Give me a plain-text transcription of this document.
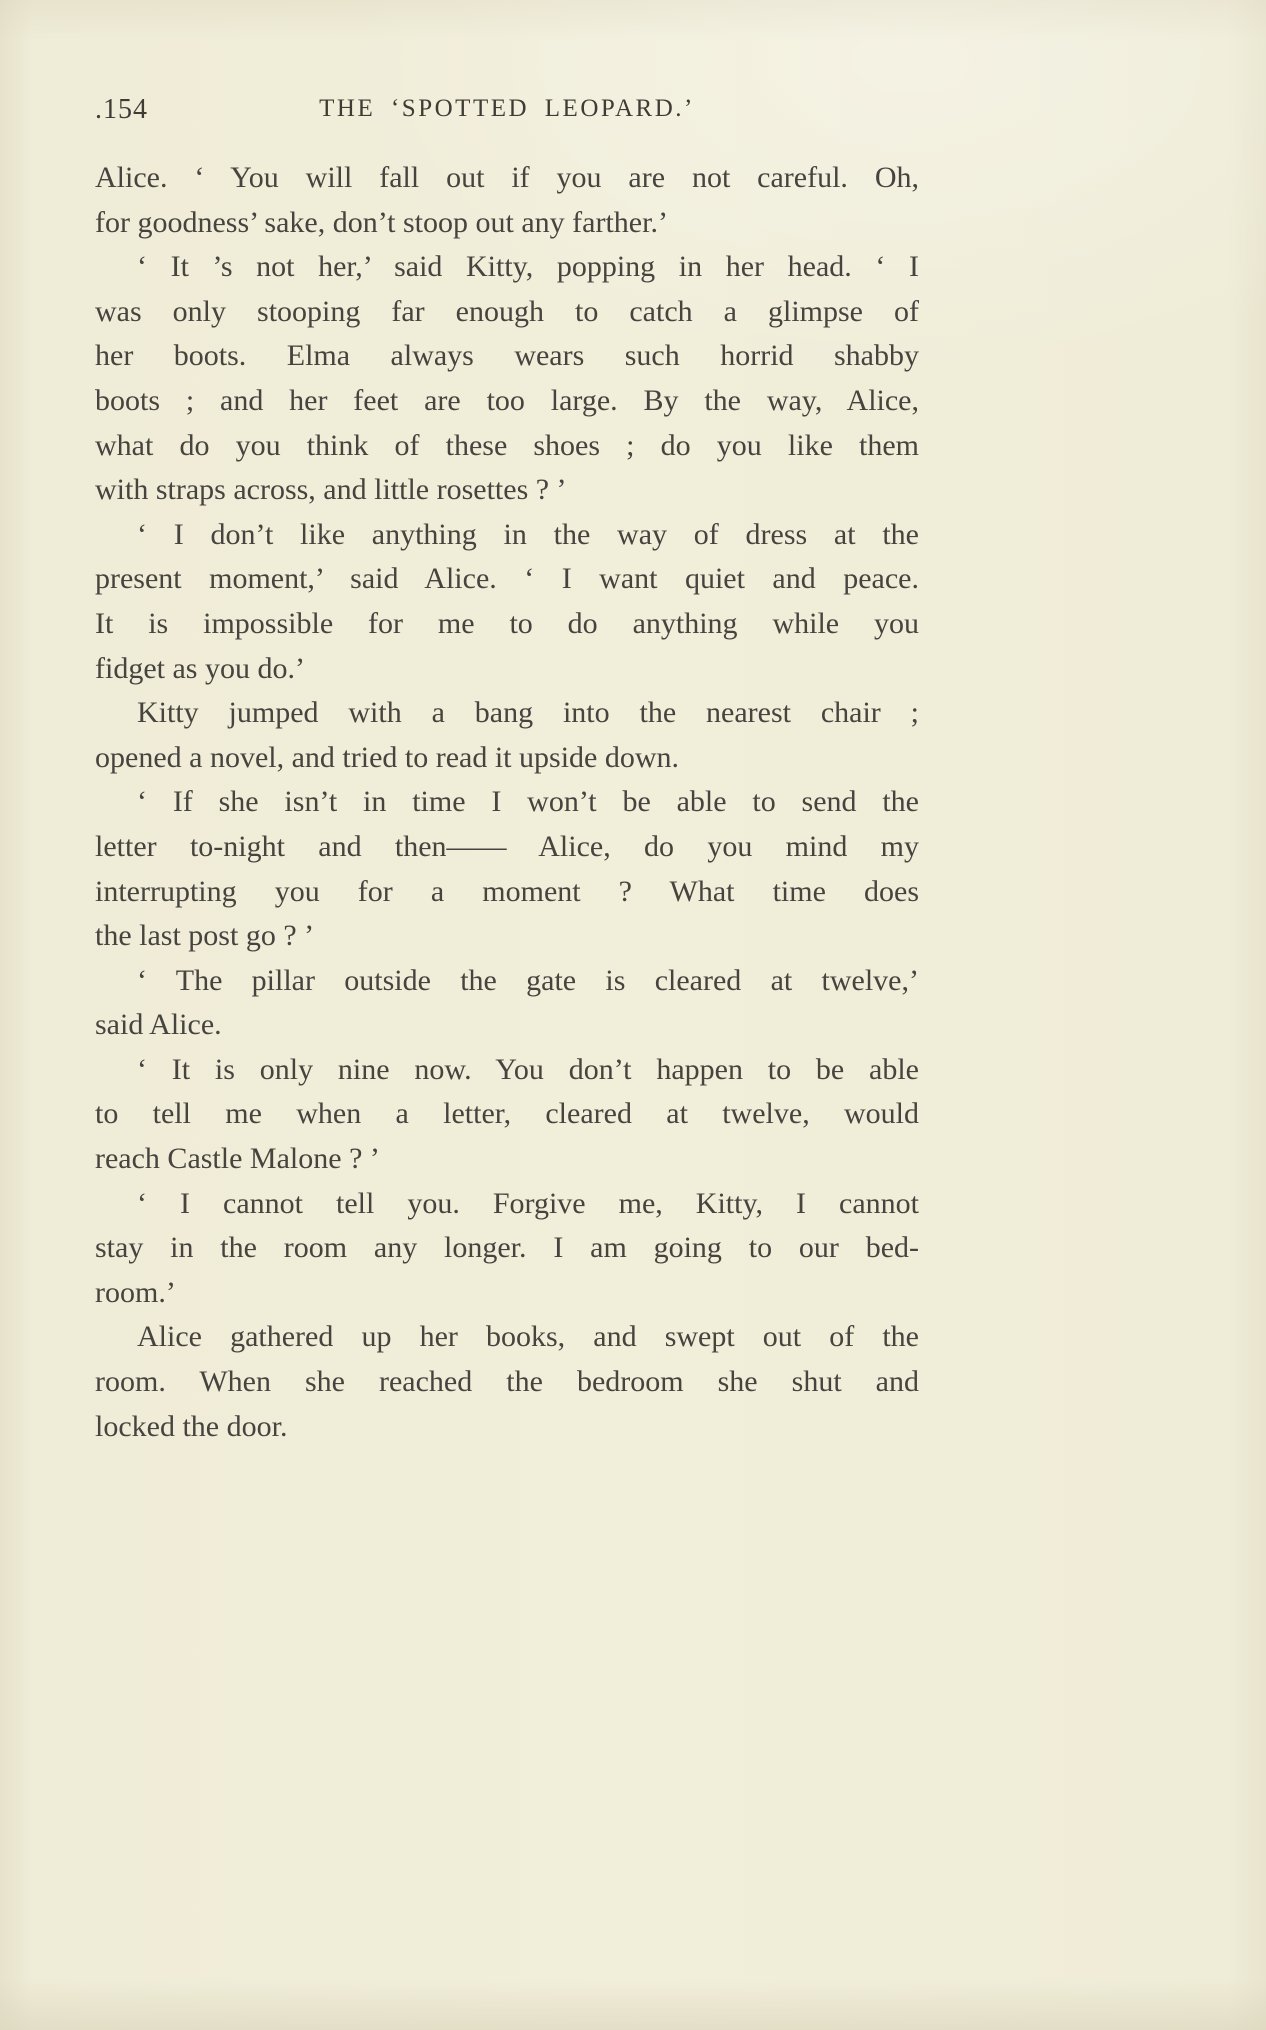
.154	THE ‘SPOTTED LEOPARD.’

Alice. ‘ You will fall out if you are not careful. Oh,
for goodness’ sake, don’t stoop out any farther.’

‘ It ’s not her,’ said Kitty, popping in her head. ‘ I
was only stooping far enough to catch a glimpse of
her boots. Elma always wears such horrid shabby
boots ; and her feet are too large. By the way, Alice,
what do you think of these shoes ; do you like them
with straps across, and little rosettes ? ’

‘ I don’t like anything in the way of dress at the
present moment,’ said Alice. ‘ I want quiet and peace.
It is impossible for me to do anything while you
fidget as you do.’

Kitty jumped with a bang into the nearest chair ;
opened a novel, and tried to read it upside down.

‘ If she isn’t in time I won’t be able to send the
letter to-night and then—— Alice, do you mind my
interrupting you for a moment ? What time does
the last post go ? ’

‘ The pillar outside the gate is cleared at twelve,’
said Alice.

‘ It is only nine now. You don’t happen to be able
to tell me when a letter, cleared at twelve, would
reach Castle Malone ? ’

‘ I cannot tell you. Forgive me, Kitty, I cannot
stay in the room any longer. I am going to our bed-
room.’

Alice gathered up her books, and swept out of the
room. When she reached the bedroom she shut and
locked the door.
